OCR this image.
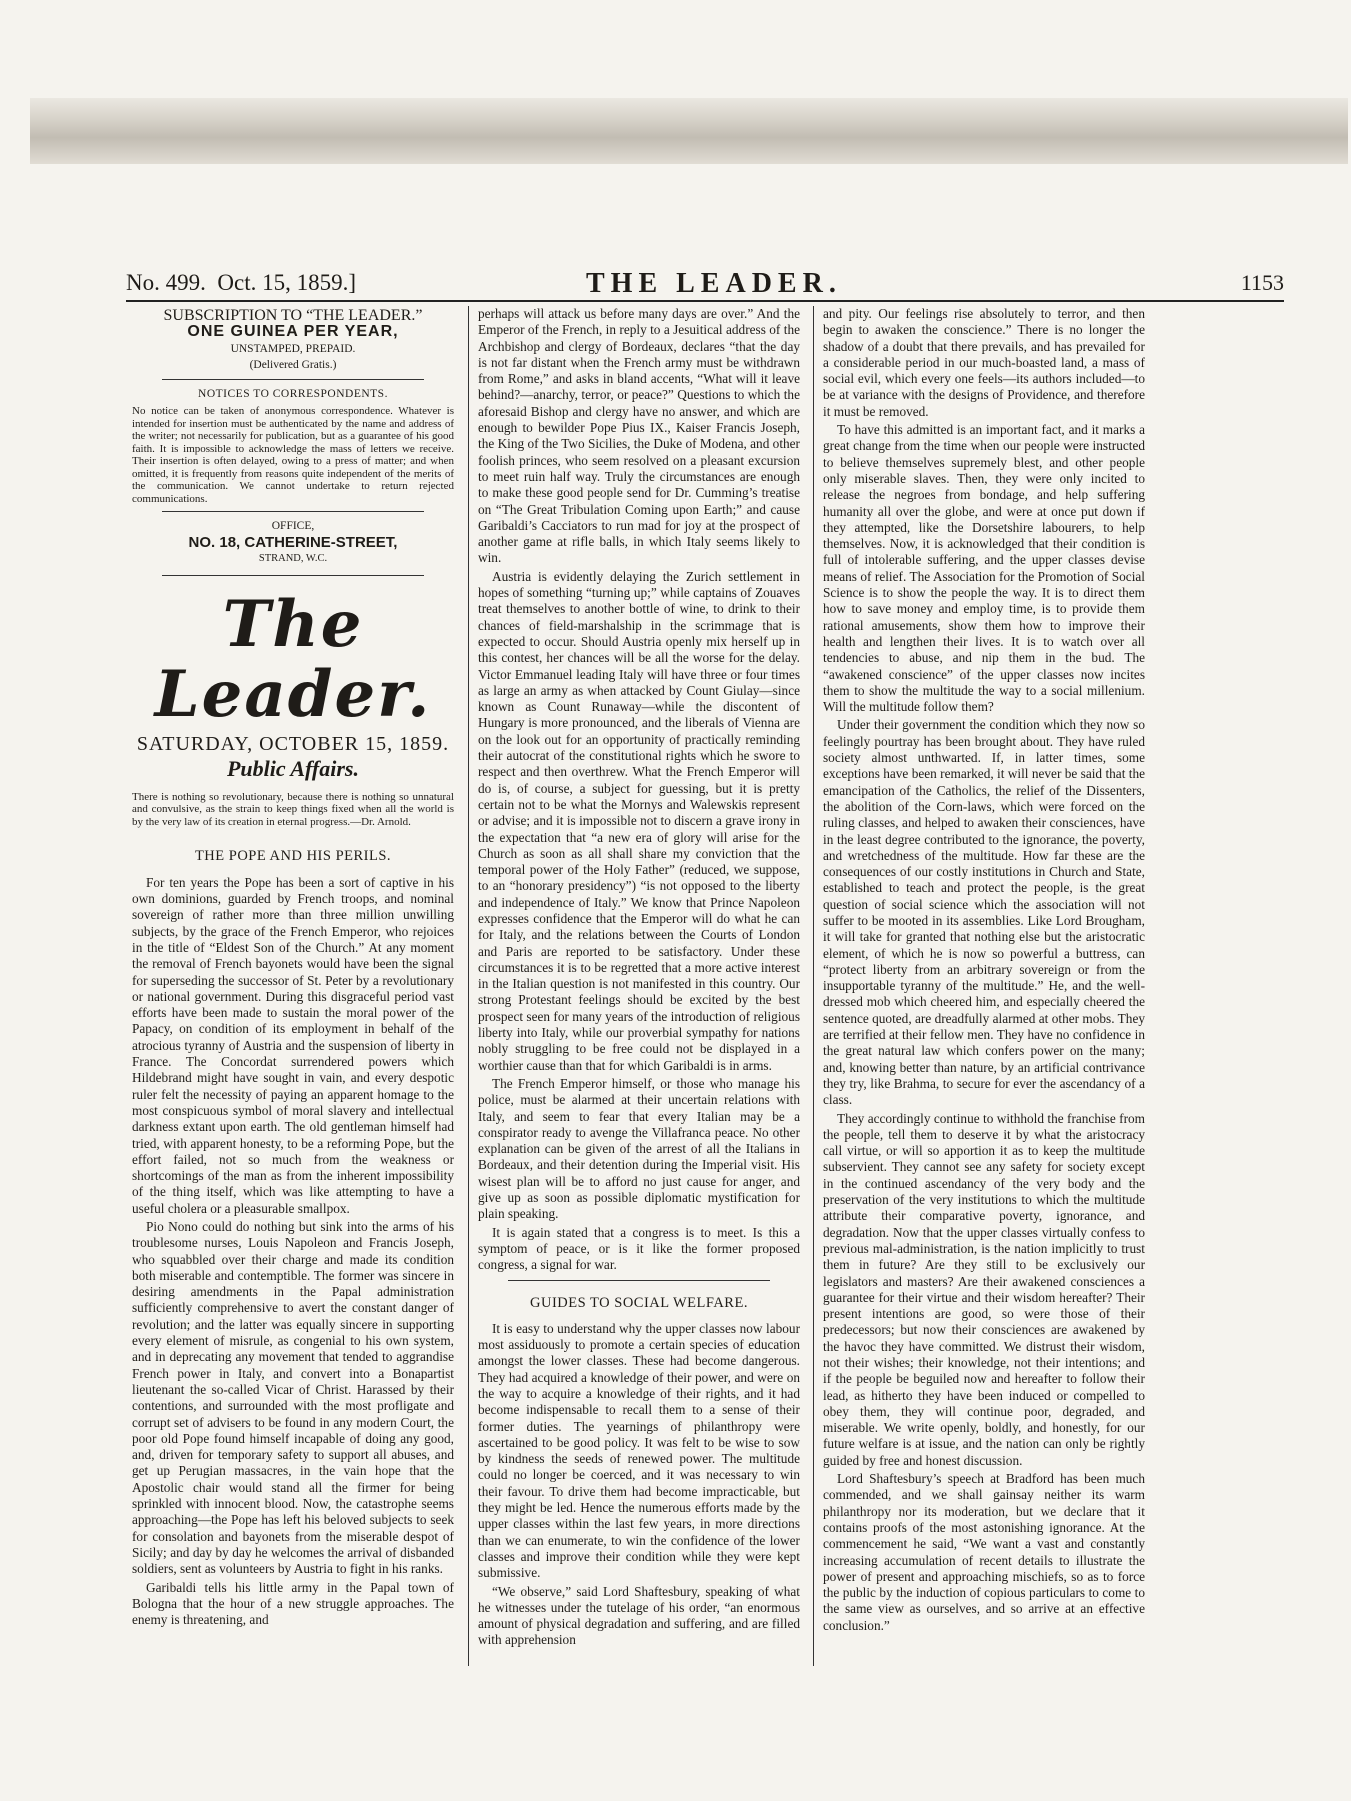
No. 499. Oct. 15, 1859.]	THE LEADER.	1153
SUBSCRIPTION TO “THE LEADER.”
ONE GUINEA PER YEAR,
UNSTAMPED, PREPAID.
(Delivered Gratis.)
NOTICES TO CORRESPONDENTS.
No notice can be taken of anonymous correspondence. Whatever is intended for insertion must be authenticated by the name and address of the writer; not necessarily for publication, but as a guarantee of his good faith. It is impossible to acknowledge the mass of letters we receive. Their insertion is often delayed, owing to a press of matter; and when omitted, it is frequently from reasons quite independent of the merits of the communication. We cannot undertake to return rejected communications.
OFFICE,
NO. 18, CATHERINE-STREET,
STRAND, W.C.
The Leader.
SATURDAY, OCTOBER 15, 1859.
Public Affairs.
There is nothing so revolutionary, because there is nothing so unnatural and convulsive, as the strain to keep things fixed when all the world is by the very law of its creation in eternal progress.—Dr. Arnold.
THE POPE AND HIS PERILS.

For ten years the Pope has been a sort of captive in his own dominions, guarded by French troops, and nominal sovereign of rather more than three million unwilling subjects, by the grace of the French Emperor, who rejoices in the title of “Eldest Son of the Church.” At any moment the removal of French bayonets would have been the signal for superseding the successor of St. Peter by a revolutionary or national government. During this disgraceful period vast efforts have been made to sustain the moral power of the Papacy, on condition of its employment in behalf of the atrocious tyranny of Austria and the suspension of liberty in France. The Concordat surrendered powers which Hildebrand might have sought in vain, and every despotic ruler felt the necessity of paying an apparent homage to the most conspicuous symbol of moral slavery and intellectual darkness extant upon earth. The old gentleman himself had tried, with apparent honesty, to be a reforming Pope, but the effort failed, not so much from the weakness or shortcomings of the man as from the inherent impossibility of the thing itself, which was like attempting to have a useful cholera or a pleasurable smallpox.

Pio Nono could do nothing but sink into the arms of his troublesome nurses, Louis Napoleon and Francis Joseph, who squabbled over their charge and made its condition both miserable and contemptible. The former was sincere in desiring amendments in the Papal administration sufficiently comprehensive to avert the constant danger of revolution; and the latter was equally sincere in supporting every element of misrule, as congenial to his own system, and in deprecating any movement that tended to aggrandise French power in Italy, and convert into a Bonapartist lieutenant the so-called Vicar of Christ. Harassed by their contentions, and surrounded with the most profligate and corrupt set of advisers to be found in any modern Court, the poor old Pope found himself incapable of doing any good, and, driven for temporary safety to support all abuses, and get up Perugian massacres, in the vain hope that the Apostolic chair would stand all the firmer for being sprinkled with innocent blood. Now, the catastrophe seems approaching—the Pope has left his beloved subjects to seek for consolation and bayonets from the miserable despot of Sicily; and day by day he welcomes the arrival of disbanded soldiers, sent as volunteers by Austria to fight in his ranks.

Garibaldi tells his little army in the Papal town of Bologna that the hour of a new struggle approaches. The enemy is threatening, and

perhaps will attack us before many days are over.” And the Emperor of the French, in reply to a Jesuitical address of the Archbishop and clergy of Bordeaux, declares “that the day is not far distant when the French army must be withdrawn from Rome,” and asks in bland accents, “What will it leave behind?—anarchy, terror, or peace?” Questions to which the aforesaid Bishop and clergy have no answer, and which are enough to bewilder Pope Pius IX., Kaiser Francis Joseph, the King of the Two Sicilies, the Duke of Modena, and other foolish princes, who seem resolved on a pleasant excursion to meet ruin half way. Truly the circumstances are enough to make these good people send for Dr. Cumming’s treatise on “The Great Tribulation Coming upon Earth;” and cause Garibaldi’s Cacciators to run mad for joy at the prospect of another game at rifle balls, in which Italy seems likely to win.

Austria is evidently delaying the Zurich settlement in hopes of something “turning up;” while captains of Zouaves treat themselves to another bottle of wine, to drink to their chances of field-marshalship in the scrimmage that is expected to occur. Should Austria openly mix herself up in this contest, her chances will be all the worse for the delay. Victor Emmanuel leading Italy will have three or four times as large an army as when attacked by Count Giulay—since known as Count Runaway—while the discontent of Hungary is more pronounced, and the liberals of Vienna are on the look out for an opportunity of practically reminding their autocrat of the constitutional rights which he swore to respect and then overthrew. What the French Emperor will do is, of course, a subject for guessing, but it is pretty certain not to be what the Mornys and Walewskis represent or advise; and it is impossible not to discern a grave irony in the expectation that “a new era of glory will arise for the Church as soon as all shall share my conviction that the temporal power of the Holy Father” (reduced, we suppose, to an “honorary presidency”) “is not opposed to the liberty and independence of Italy.” We know that Prince Napoleon expresses confidence that the Emperor will do what he can for Italy, and the relations between the Courts of London and Paris are reported to be satisfactory. Under these circumstances it is to be regretted that a more active interest in the Italian question is not manifested in this country. Our strong Protestant feelings should be excited by the best prospect seen for many years of the introduction of religious liberty into Italy, while our proverbial sympathy for nations nobly struggling to be free could not be displayed in a worthier cause than that for which Garibaldi is in arms.

The French Emperor himself, or those who manage his police, must be alarmed at their uncertain relations with Italy, and seem to fear that every Italian may be a conspirator ready to avenge the Villafranca peace. No other explanation can be given of the arrest of all the Italians in Bordeaux, and their detention during the Imperial visit. His wisest plan will be to afford no just cause for anger, and give up as soon as possible diplomatic mystification for plain speaking.

It is again stated that a congress is to meet. Is this a symptom of peace, or is it like the former proposed congress, a signal for war.

GUIDES TO SOCIAL WELFARE.

It is easy to understand why the upper classes now labour most assiduously to promote a certain species of education amongst the lower classes. These had become dangerous. They had acquired a knowledge of their power, and were on the way to acquire a knowledge of their rights, and it had become indispensable to recall them to a sense of their former duties. The yearnings of philanthropy were ascertained to be good policy. It was felt to be wise to sow by kindness the seeds of renewed power. The multitude could no longer be coerced, and it was necessary to win their favour. To drive them had become impracticable, but they might be led. Hence the numerous efforts made by the upper classes within the last few years, in more directions than we can enumerate, to win the confidence of the lower classes and improve their condition while they were kept submissive.

“We observe,” said Lord Shaftesbury, speaking of what he witnesses under the tutelage of his order, “an enormous amount of physical degradation and suffering, and are filled with apprehension

and pity. Our feelings rise absolutely to terror, and then begin to awaken the conscience.” There is no longer the shadow of a doubt that there prevails, and has prevailed for a considerable period in our much-boasted land, a mass of social evil, which every one feels—its authors included—to be at variance with the designs of Providence, and therefore it must be removed.

To have this admitted is an important fact, and it marks a great change from the time when our people were instructed to believe themselves supremely blest, and other people only miserable slaves. Then, they were only incited to release the negroes from bondage, and help suffering humanity all over the globe, and were at once put down if they attempted, like the Dorsetshire labourers, to help themselves. Now, it is acknowledged that their condition is full of intolerable suffering, and the upper classes devise means of relief. The Association for the Promotion of Social Science is to show the people the way. It is to direct them how to save money and employ time, is to provide them rational amusements, show them how to improve their health and lengthen their lives. It is to watch over all tendencies to abuse, and nip them in the bud. The “awakened conscience” of the upper classes now incites them to show the multitude the way to a social millenium. Will the multitude follow them?

Under their government the condition which they now so feelingly pourtray has been brought about. They have ruled society almost unthwarted. If, in latter times, some exceptions have been remarked, it will never be said that the emancipation of the Catholics, the relief of the Dissenters, the abolition of the Corn-laws, which were forced on the ruling classes, and helped to awaken their consciences, have in the least degree contributed to the ignorance, the poverty, and wretchedness of the multitude. How far these are the consequences of our costly institutions in Church and State, established to teach and protect the people, is the great question of social science which the association will not suffer to be mooted in its assemblies. Like Lord Brougham, it will take for granted that nothing else but the aristocratic element, of which he is now so powerful a buttress, can “protect liberty from an arbitrary sovereign or from the insupportable tyranny of the multitude.” He, and the well-dressed mob which cheered him, and especially cheered the sentence quoted, are dreadfully alarmed at other mobs. They are terrified at their fellow men. They have no confidence in the great natural law which confers power on the many; and, knowing better than nature, by an artificial contrivance they try, like Brahma, to secure for ever the ascendancy of a class.

They accordingly continue to withhold the franchise from the people, tell them to deserve it by what the aristocracy call virtue, or will so apportion it as to keep the multitude subservient. They cannot see any safety for society except in the continued ascendancy of the very body and the preservation of the very institutions to which the multitude attribute their comparative poverty, ignorance, and degradation. Now that the upper classes virtually confess to previous mal-administration, is the nation implicitly to trust them in future? Are they still to be exclusively our legislators and masters? Are their awakened consciences a guarantee for their virtue and their wisdom hereafter? Their present intentions are good, so were those of their predecessors; but now their consciences are awakened by the havoc they have committed. We distrust their wisdom, not their wishes; their knowledge, not their intentions; and if the people be beguiled now and hereafter to follow their lead, as hitherto they have been induced or compelled to obey them, they will continue poor, degraded, and miserable. We write openly, boldly, and honestly, for our future welfare is at issue, and the nation can only be rightly guided by free and honest discussion.

Lord Shaftesbury’s speech at Bradford has been much commended, and we shall gainsay neither its warm philanthropy nor its moderation, but we declare that it contains proofs of the most astonishing ignorance. At the commencement he said, “We want a vast and constantly increasing accumulation of recent details to illustrate the power of present and approaching mischiefs, so as to force the public by the induction of copious particulars to come to the same view as ourselves, and so arrive at an effective conclusion.”
